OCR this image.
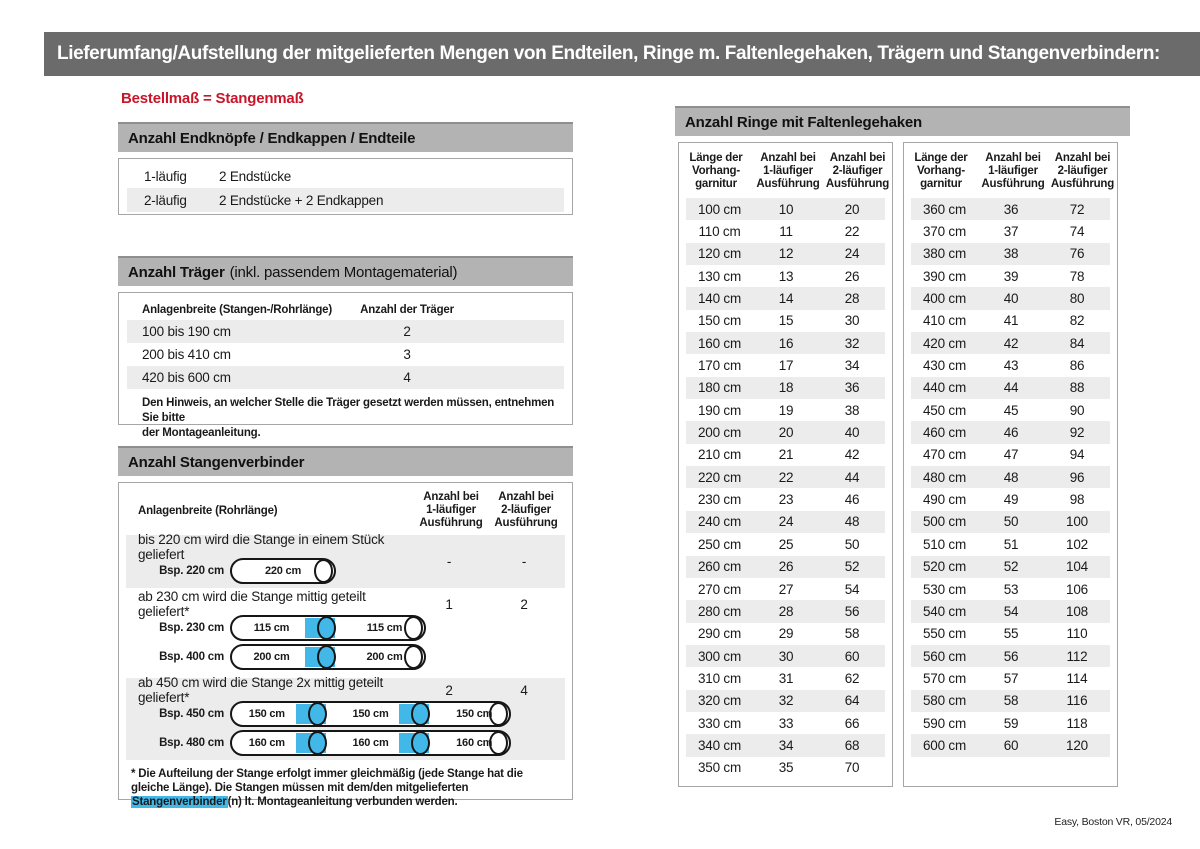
Lieferumfang/Aufstellung der mitgelieferten Mengen von Endteilen, Ringe m. Faltenlegehaken, Trägern und Stangenverbindern:
Bestellmaß = Stangenmaß
Anzahl Endknöpfe / Endkappen / Endteile
1-läufig	2 Endstücke
2-läufig	2 Endstücke + 2 Endkappen
Anzahl Träger (inkl. passendem Montagematerial)
Anlagenbreite (Stangen-/Rohrlänge)	Anzahl der Träger
100 bis 190 cm	2
200 bis 410 cm	3
420 bis 600 cm	4
Den Hinweis, an welcher Stelle die Träger gesetzt werden müssen, entnehmen Sie bitte
der Montageanleitung.
Anzahl Stangenverbinder
Anlagenbreite (Rohrlänge)
Anzahl bei
1-läufiger
Ausführung
Anzahl bei
2-läufiger
Ausführung
bis 220 cm wird die Stange in einem Stück geliefert	-	-
Bsp. 220 cm	220 cm
ab 230 cm wird die Stange mittig geteilt geliefert*	1	2
Bsp. 230 cm	115 cm	115 cm
Bsp. 400 cm	200 cm	200 cm
ab 450 cm wird die Stange 2x mittig geteilt geliefert*	2	4
Bsp. 450 cm	150 cm	150 cm	150 cm
Bsp. 480 cm	160 cm	160 cm	160 cm
* Die Aufteilung der Stange erfolgt immer gleichmäßig (jede Stange hat die gleiche Länge). Die Stangen müssen mit dem/den mitgelieferten Stangenverbinder(n) lt. Montageanleitung verbunden werden.
Anzahl Ringe mit Faltenlegehaken
Länge der
Vorhang-
garnitur
Anzahl bei
1-läufiger
Ausführung
Anzahl bei
2-läufiger
Ausführung
100 cm	10	20
110 cm	11	22
120 cm	12	24
130 cm	13	26
140 cm	14	28
150 cm	15	30
160 cm	16	32
170 cm	17	34
180 cm	18	36
190 cm	19	38
200 cm	20	40
210 cm	21	42
220 cm	22	44
230 cm	23	46
240 cm	24	48
250 cm	25	50
260 cm	26	52
270 cm	27	54
280 cm	28	56
290 cm	29	58
300 cm	30	60
310 cm	31	62
320 cm	32	64
330 cm	33	66
340 cm	34	68
350 cm	35	70
Länge der
Vorhang-
garnitur
Anzahl bei
1-läufiger
Ausführung
Anzahl bei
2-läufiger
Ausführung
360 cm	36	72
370 cm	37	74
380 cm	38	76
390 cm	39	78
400 cm	40	80
410 cm	41	82
420 cm	42	84
430 cm	43	86
440 cm	44	88
450 cm	45	90
460 cm	46	92
470 cm	47	94
480 cm	48	96
490 cm	49	98
500 cm	50	100
510 cm	51	102
520 cm	52	104
530 cm	53	106
540 cm	54	108
550 cm	55	110
560 cm	56	112
570 cm	57	114
580 cm	58	116
590 cm	59	118
600 cm	60	120
Easy, Boston VR, 05/2024
